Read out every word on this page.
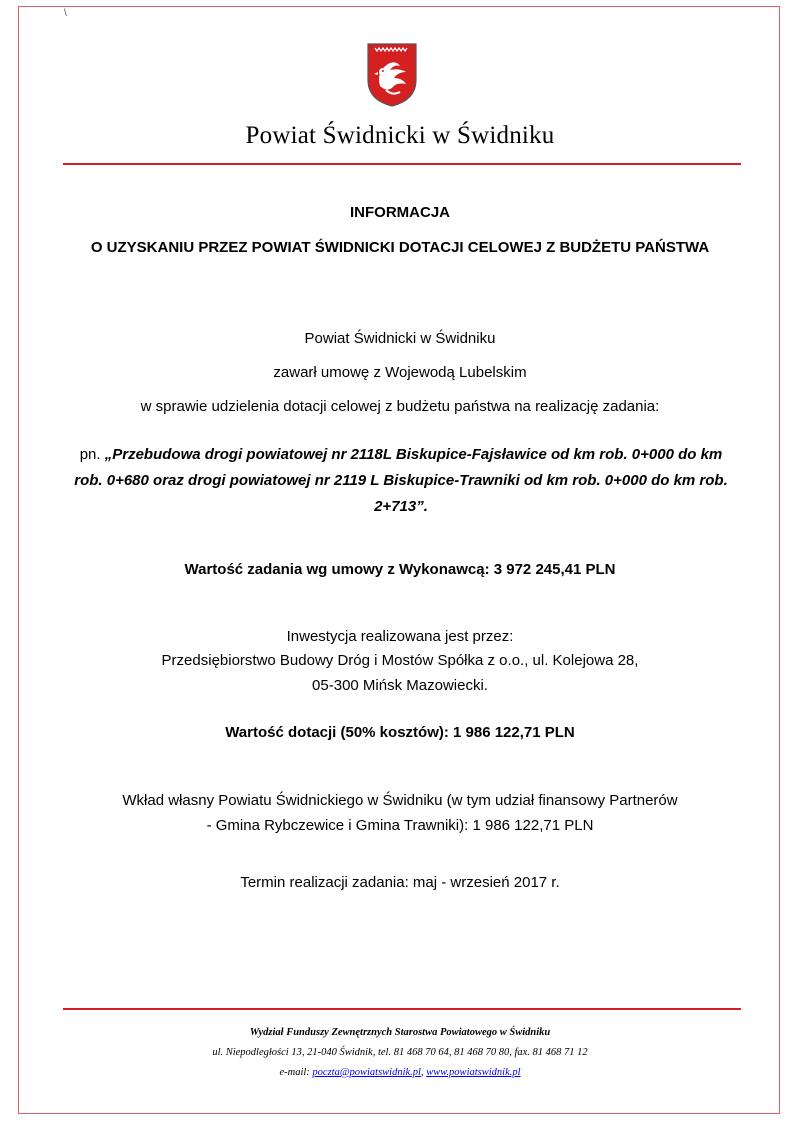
\
Powiat Świdnicki w Świdniku
INFORMACJA
O UZYSKANIU PRZEZ POWIAT ŚWIDNICKI DOTACJI CELOWEJ Z BUDŻETU PAŃSTWA
Powiat Świdnicki w Świdniku
zawarł umowę z Wojewodą Lubelskim
w sprawie udzielenia dotacji celowej z budżetu państwa na realizację zadania:
pn. „Przebudowa drogi powiatowej nr 2118L Biskupice-Fajsławice od km rob. 0+000 do km rob. 0+680 oraz drogi powiatowej nr 2119 L Biskupice-Trawniki od km rob. 0+000 do km rob. 2+713”.
Wartość zadania wg umowy z Wykonawcą: 3 972 245,41 PLN
Inwestycja realizowana jest przez:
Przedsiębiorstwo Budowy Dróg i Mostów Spółka z o.o., ul. Kolejowa 28,
05-300 Mińsk Mazowiecki.
Wartość dotacji (50% kosztów): 1 986 122,71 PLN
Wkład własny Powiatu Świdnickiego w Świdniku (w tym udział finansowy Partnerów
- Gmina Rybczewice i Gmina Trawniki): 1 986 122,71 PLN
Termin realizacji zadania: maj - wrzesień 2017 r.
Wydział Funduszy Zewnętrznych Starostwa Powiatowego w Świdniku
ul. Niepodległości 13, 21-040 Świdnik, tel. 81 468 70 64, 81 468 70 80, fax. 81 468 71 12
e-mail: poczta@powiatswidnik.pl, www.powiatswidnik.pl
